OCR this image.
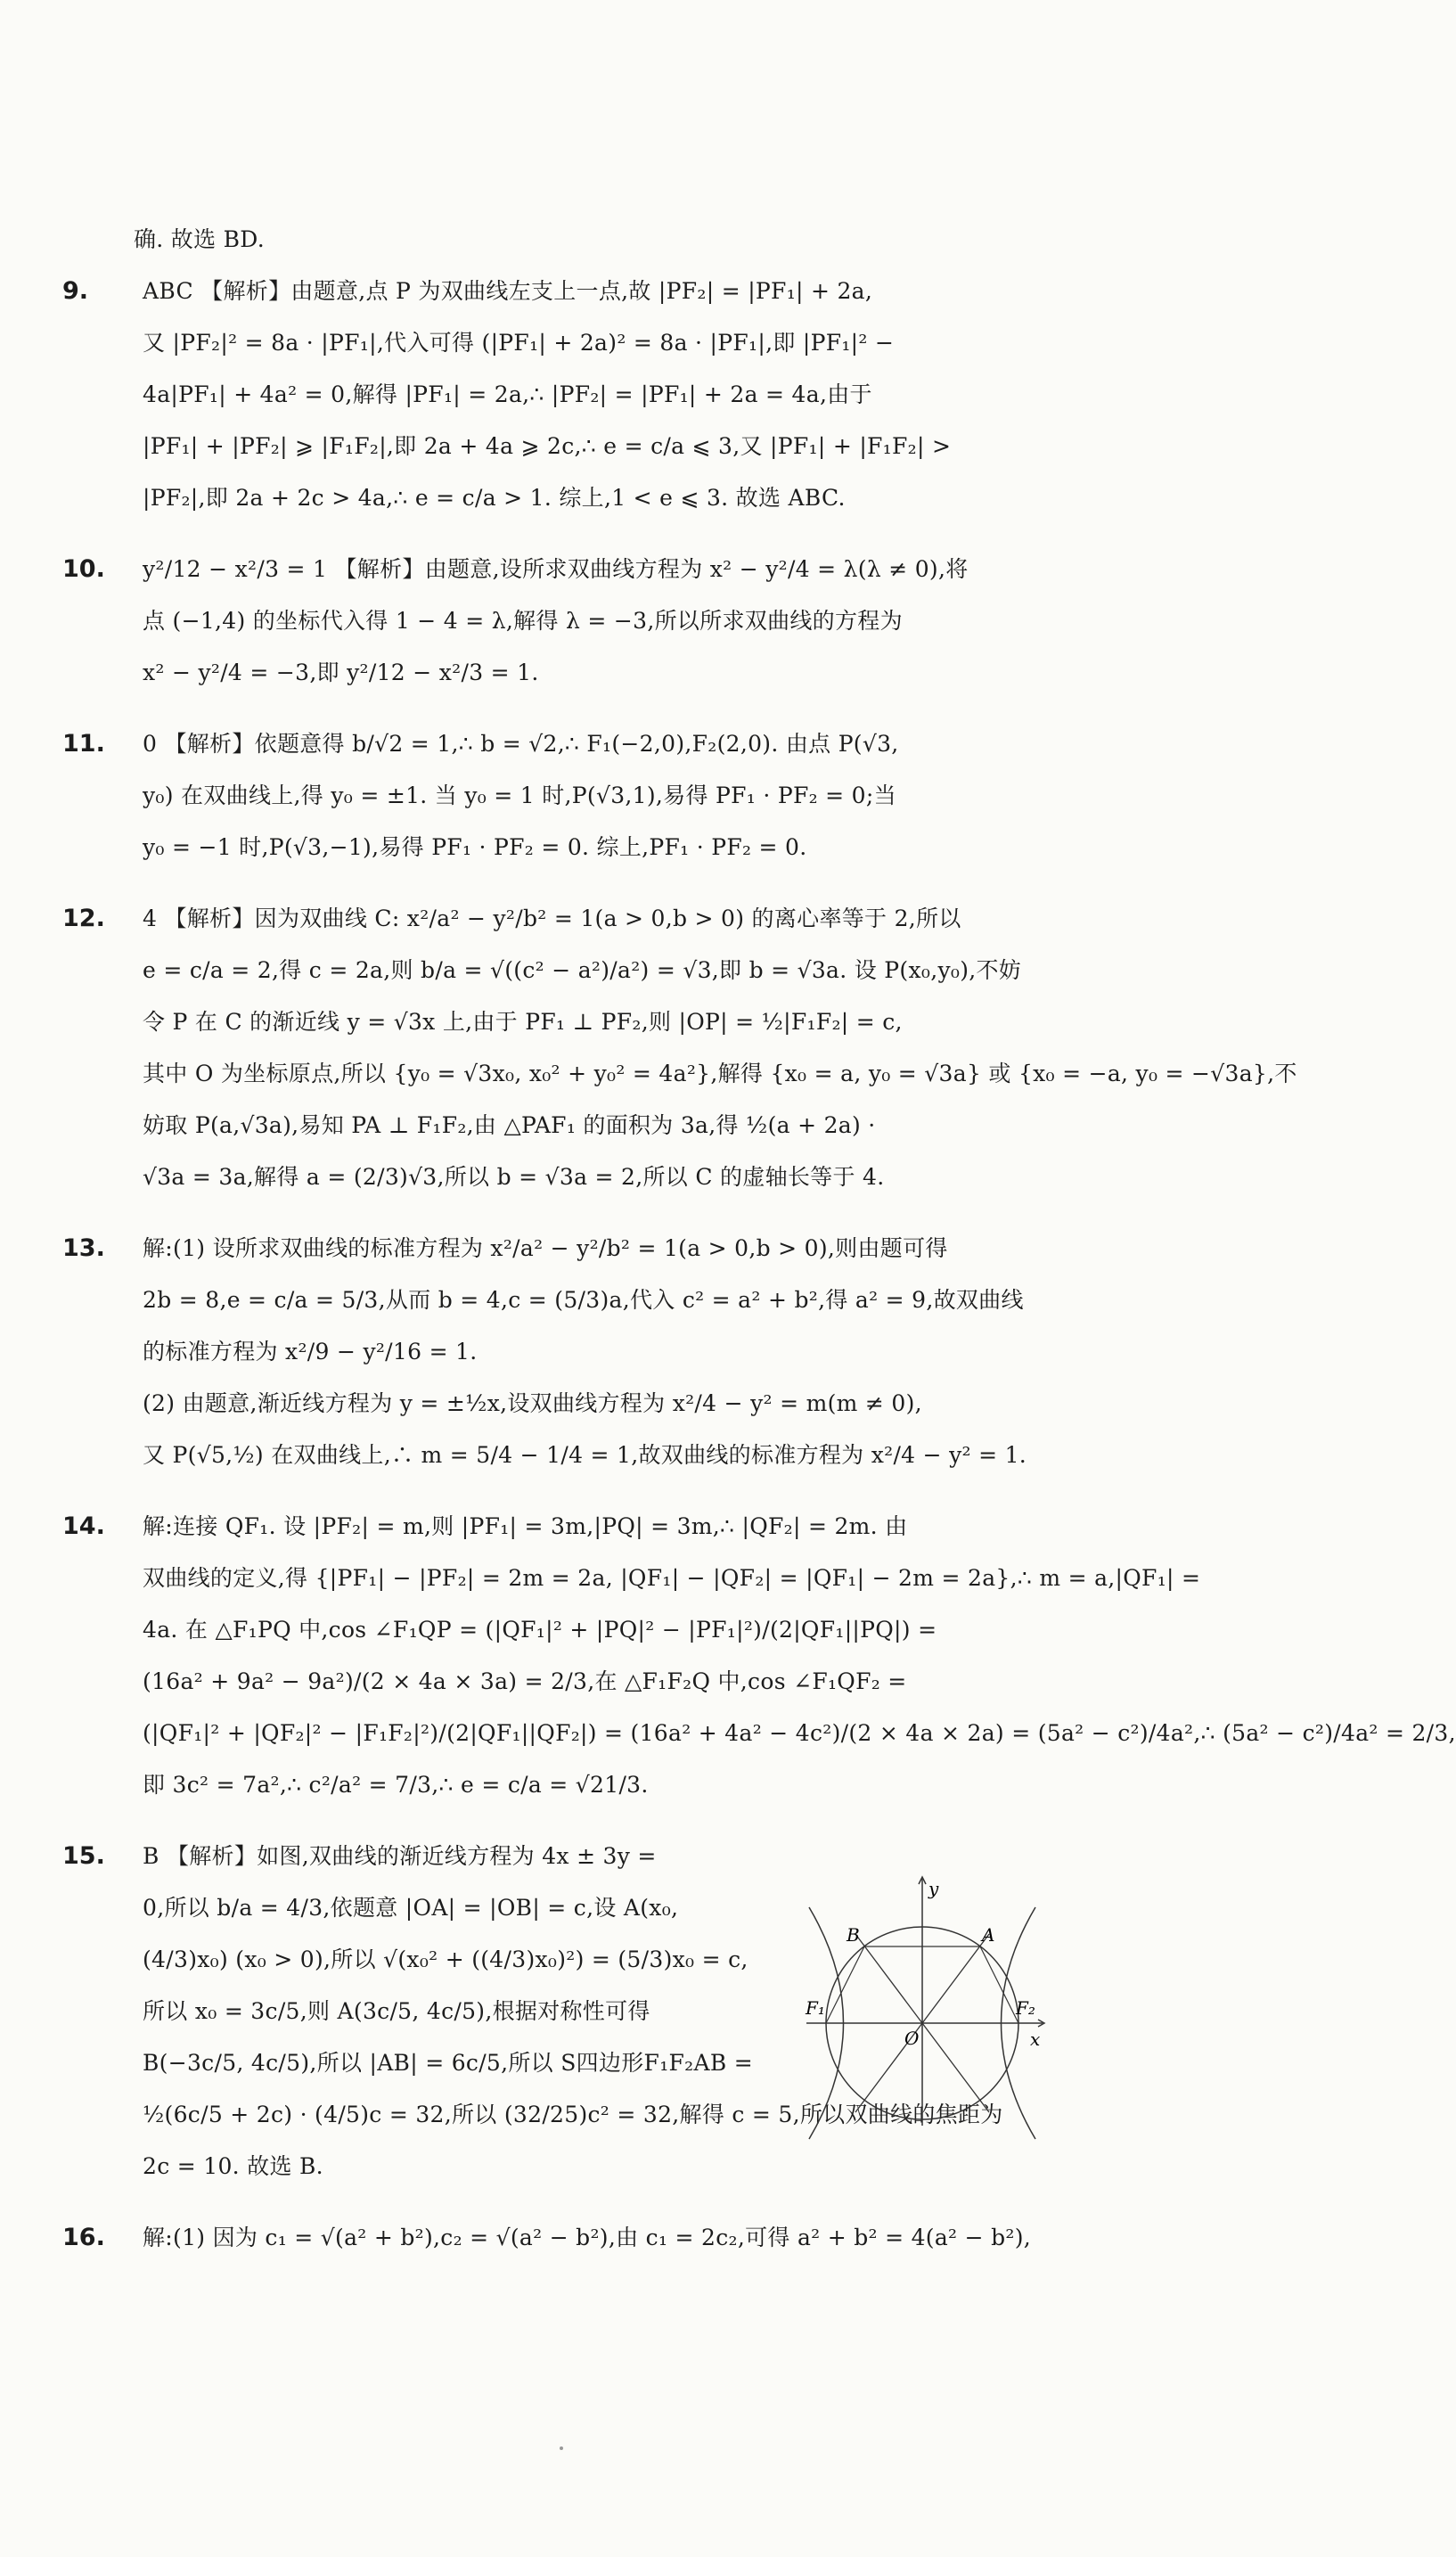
确. 故选 BD.
9. ABC 【解析】由题意,点 P 为双曲线左支上一点,故 |PF₂| = |PF₁| + 2a,
又 |PF₂|² = 8a · |PF₁|,代入可得 (|PF₁| + 2a)² = 8a · |PF₁|,即 |PF₁|² −
4a|PF₁| + 4a² = 0,解得 |PF₁| = 2a,∴ |PF₂| = |PF₁| + 2a = 4a,由于
|PF₁| + |PF₂| ⩾ |F₁F₂|,即 2a + 4a ⩾ 2c,∴ e = c/a ⩽ 3,又 |PF₁| + |F₁F₂| >
|PF₂|,即 2a + 2c > 4a,∴ e = c/a > 1. 综上,1 < e ⩽ 3. 故选 ABC.
10. y²/12 − x²/3 = 1 【解析】由题意,设所求双曲线方程为 x² − y²/4 = λ(λ ≠ 0),将
点 (−1,4) 的坐标代入得 1 − 4 = λ,解得 λ = −3,所以所求双曲线的方程为
x² − y²/4 = −3,即 y²/12 − x²/3 = 1.
11. 0 【解析】依题意得 b/√2 = 1,∴ b = √2,∴ F₁(−2,0),F₂(2,0). 由点 P(√3,
y₀) 在双曲线上,得 y₀ = ±1. 当 y₀ = 1 时,P(√3,1),易得 PF₁ · PF₂ = 0;当
y₀ = −1 时,P(√3,−1),易得 PF₁ · PF₂ = 0. 综上,PF₁ · PF₂ = 0.
12. 4 【解析】因为双曲线 C: x²/a² − y²/b² = 1(a > 0,b > 0) 的离心率等于 2,所以
e = c/a = 2,得 c = 2a,则 b/a = √((c² − a²)/a²) = √3,即 b = √3a. 设 P(x₀,y₀),不妨
令 P 在 C 的渐近线 y = √3x 上,由于 PF₁ ⊥ PF₂,则 |OP| = ½|F₁F₂| = c,
其中 O 为坐标原点,所以 {y₀ = √3x₀, x₀² + y₀² = 4a²},解得 {x₀ = a, y₀ = √3a} 或 {x₀ = −a, y₀ = −√3a},不
妨取 P(a,√3a),易知 PA ⊥ F₁F₂,由 △PAF₁ 的面积为 3a,得 ½(a + 2a) ·
√3a = 3a,解得 a = (2/3)√3,所以 b = √3a = 2,所以 C 的虚轴长等于 4.
13. 解:(1) 设所求双曲线的标准方程为 x²/a² − y²/b² = 1(a > 0,b > 0),则由题可得
2b = 8,e = c/a = 5/3,从而 b = 4,c = (5/3)a,代入 c² = a² + b²,得 a² = 9,故双曲线
的标准方程为 x²/9 − y²/16 = 1.
(2) 由题意,渐近线方程为 y = ±½x,设双曲线方程为 x²/4 − y² = m(m ≠ 0),
又 P(√5,½) 在双曲线上,∴ m = 5/4 − 1/4 = 1,故双曲线的标准方程为 x²/4 − y² = 1.
14. 解:连接 QF₁. 设 |PF₂| = m,则 |PF₁| = 3m,|PQ| = 3m,∴ |QF₂| = 2m. 由
双曲线的定义,得 {|PF₁| − |PF₂| = 2m = 2a, |QF₁| − |QF₂| = |QF₁| − 2m = 2a},∴ m = a,|QF₁| =
4a. 在 △F₁PQ 中,cos ∠F₁QP = (|QF₁|² + |PQ|² − |PF₁|²)/(2|QF₁||PQ|) =
(16a² + 9a² − 9a²)/(2 × 4a × 3a) = 2/3,在 △F₁F₂Q 中,cos ∠F₁QF₂ =
(|QF₁|² + |QF₂|² − |F₁F₂|²)/(2|QF₁||QF₂|) = (16a² + 4a² − 4c²)/(2 × 4a × 2a) = (5a² − c²)/4a²,∴ (5a² − c²)/4a² = 2/3,
即 3c² = 7a²,∴ c²/a² = 7/3,∴ e = c/a = √21/3.
15. B 【解析】如图,双曲线的渐近线方程为 4x ± 3y =
0,所以 b/a = 4/3,依题意 |OA| = |OB| = c,设 A(x₀,
(4/3)x₀) (x₀ > 0),所以 √(x₀² + ((4/3)x₀)²) = (5/3)x₀ = c,
所以 x₀ = 3c/5,则 A(3c/5, 4c/5),根据对称性可得
B(−3c/5, 4c/5),所以 |AB| = 6c/5,所以 S四边形F₁F₂AB =
½(6c/5 + 2c) · (4/5)c = 32,所以 (32/25)c² = 32,解得 c = 5,所以双曲线的焦距为
2c = 10. 故选 B.
16. 解:(1) 因为 c₁ = √(a² + b²),c₂ = √(a² − b²),由 c₁ = 2c₂,可得 a² + b² = 4(a² − b²),
y
x
O
A
B
F₁	F₂
